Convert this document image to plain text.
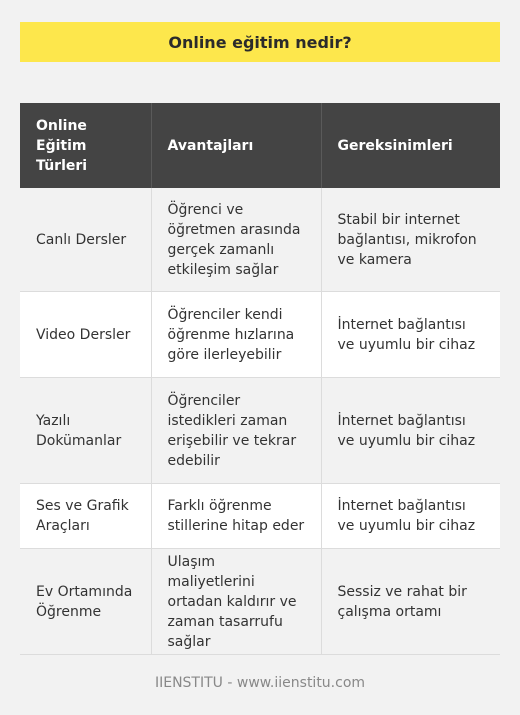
Online eğitim nedir?
Online Eğitim Türleri	Avantajları	Gereksinimleri
Canlı Dersler	Öğrenci ve öğretmen arasında gerçek zamanlı etkileşim sağlar	Stabil bir internet bağlantısı, mikrofon ve kamera
Video Dersler	Öğrenciler kendi öğrenme hızlarına göre ilerleyebilir	İnternet bağlantısı ve uyumlu bir cihaz
Yazılı Dokümanlar	Öğrenciler istedikleri zaman erişebilir ve tekrar edebilir	İnternet bağlantısı ve uyumlu bir cihaz
Ses ve Grafik Araçları	Farklı öğrenme stillerine hitap eder	İnternet bağlantısı ve uyumlu bir cihaz
Ev Ortamında Öğrenme	Ulaşım maliyetlerini ortadan kaldırır ve zaman tasarrufu sağlar	Sessiz ve rahat bir çalışma ortamı
IIENSTITU - www.iienstitu.com
